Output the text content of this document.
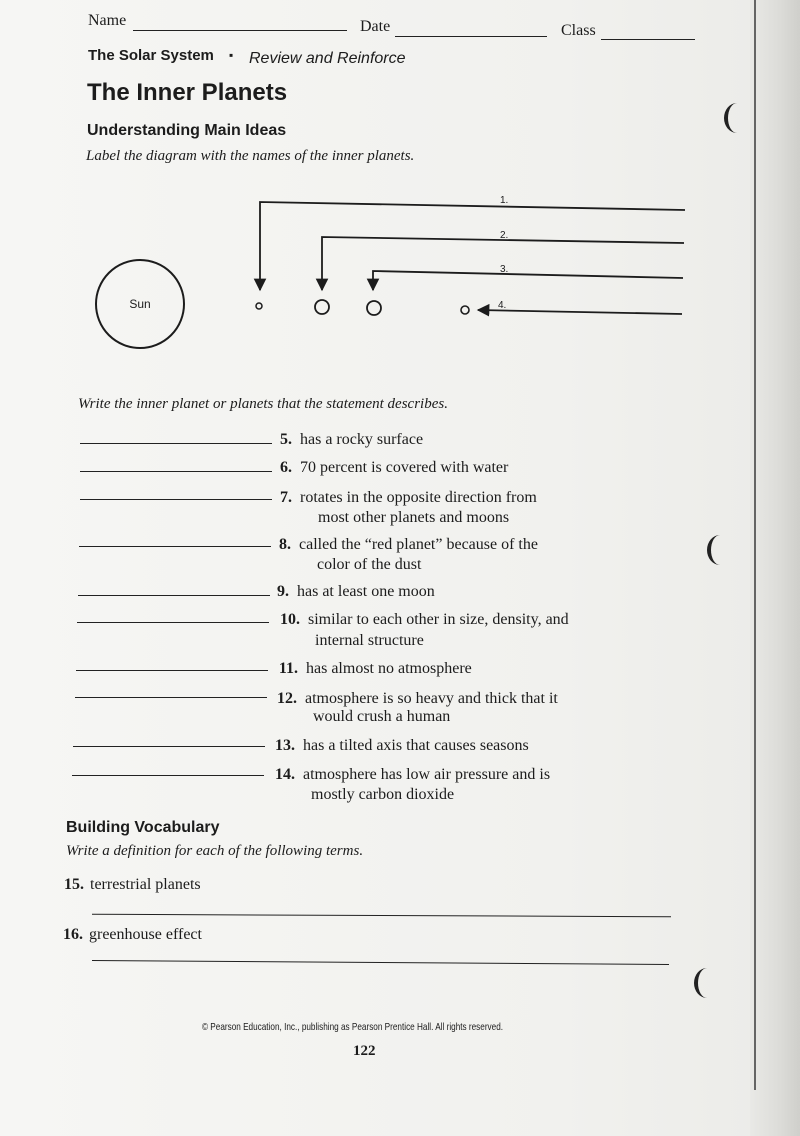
Name	Date	Class
The Solar System ▪ Review and Reinforce
The Inner Planets
Understanding Main Ideas
Label the diagram with the names of the inner planets.
Sun
1.
2.
3.
4.
Write the inner planet or planets that the statement describes.
5. has a rocky surface
6. 70 percent is covered with water
7. rotates in the opposite direction from
most other planets and moons
8. called the “red planet” because of the
color of the dust
9. has at least one moon
10. similar to each other in size, density, and
internal structure
11. has almost no atmosphere
12. atmosphere is so heavy and thick that it
would crush a human
13. has a tilted axis that causes seasons
14. atmosphere has low air pressure and is
mostly carbon dioxide
Building Vocabulary
Write a definition for each of the following terms.
15. terrestrial planets
16. greenhouse effect
© Pearson Education, Inc., publishing as Pearson Prentice Hall. All rights reserved.
122
